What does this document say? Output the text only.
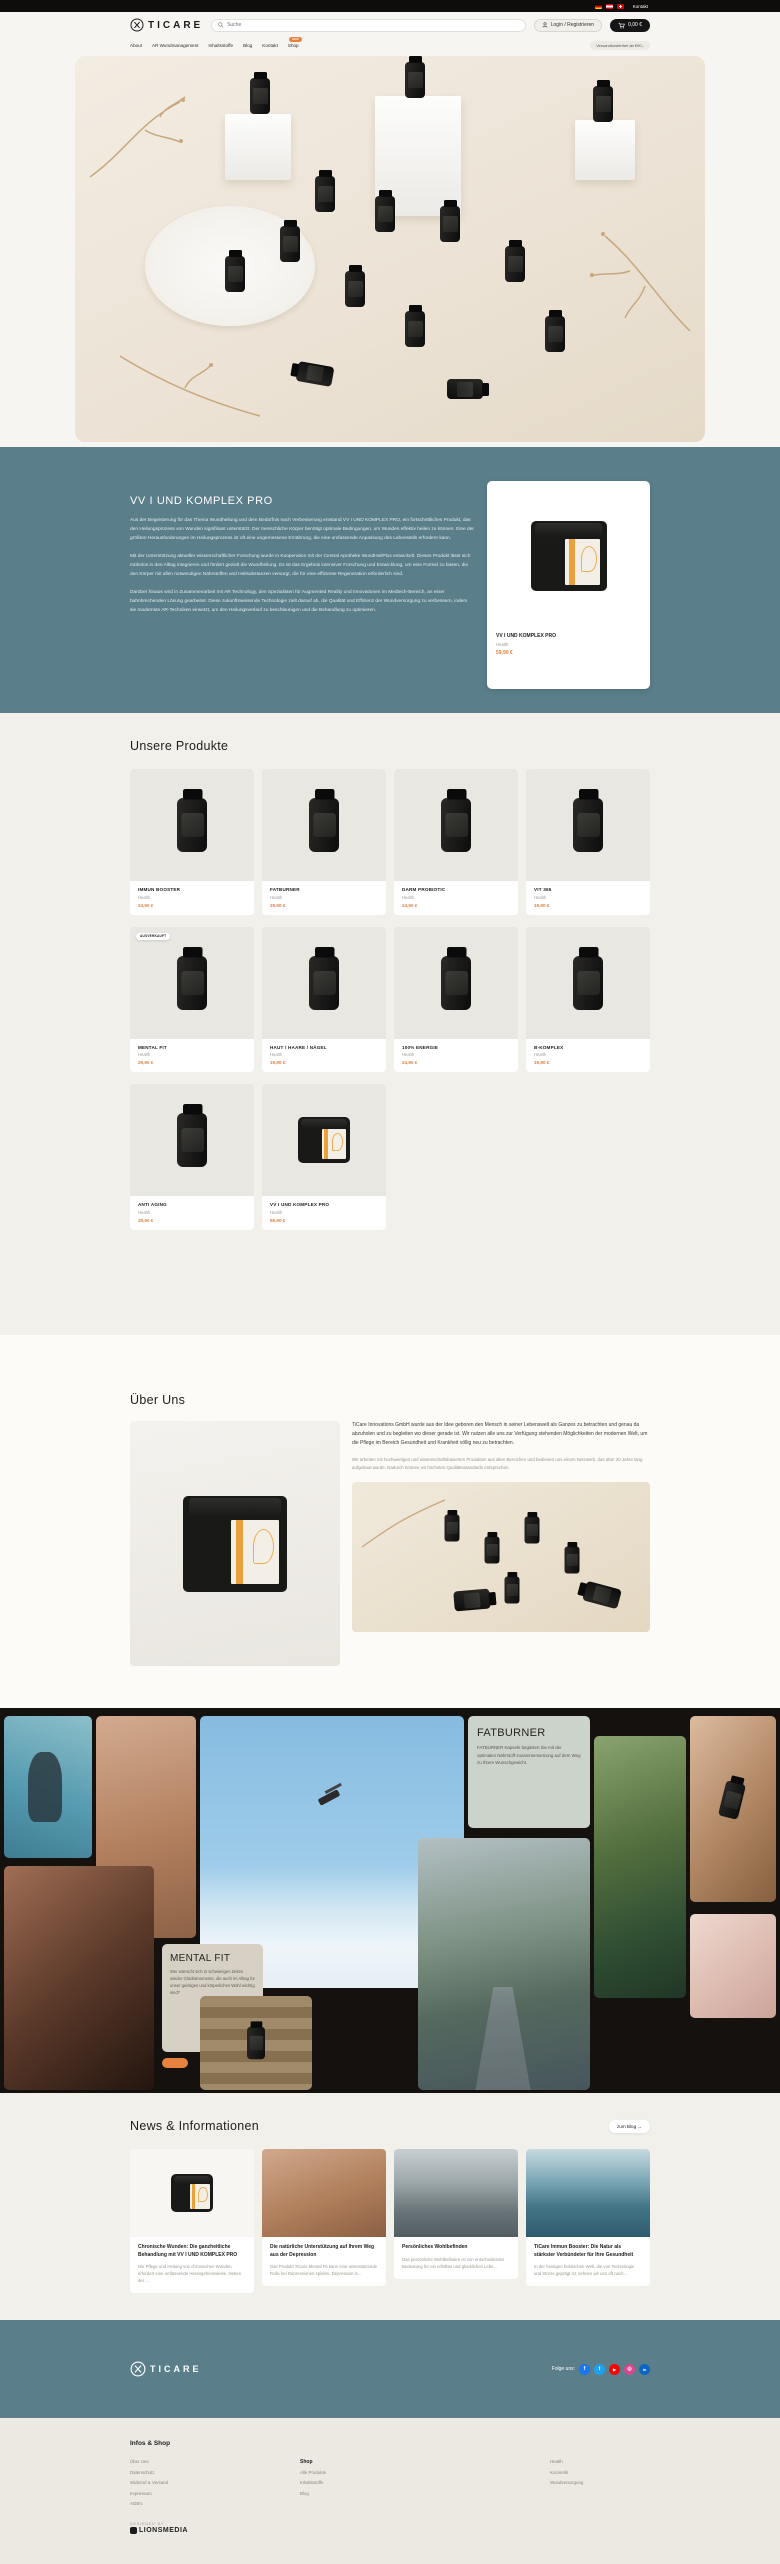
Kontakt
TICARE
Suche	Login / Registrieren	0,00 €
About AR Wundmanagement Inhaltsstoffe Blog Kontakt
NEW
Shop	Versandkostenfrei ab €90,-
VV I UND KOMPLEX PRO

Aus der Begeisterung für das Thema Wundheilung und dem Bedürfnis nach Verbesserung entstand VV I UND KOMPLEX PRO, ein fortschrittliches Produkt, das den Heilungsprozess von Wunden signifikant unterstützt. Der menschliche Körper benötigt optimale Bedingungen, um Wunden effektiv heilen zu können. Eine der größten Herausforderungen im Heilungsprozess ist oft eine angemessene Ernährung, die eine umfassende Anpassung des Lebensstils erfordern kann.

Mit der Unterstützung aktueller wissenschaftlicher Forschung wurde in Kooperation mit der Central Apotheke WundHeilPlus entwickelt. Dieses Produkt lässt sich mühelos in den Alltag integrieren und fördert gezielt die Wundheilung. Es ist das Ergebnis intensiver Forschung und Entwicklung, um eine Formel zu bieten, die den Körper mit allen notwendigen Nährstoffen und Heilsubstanzen versorgt, die für eine effiziente Regeneration erforderlich sind.

Darüber hinaus wird in Zusammenarbeit mit AR Technology, den Spezialisten für Augmented Reality und Innovationen im Medtech-Bereich, an einer bahnbrechenden Lösung gearbeitet. Diese zukunftsweisende Technologie zielt darauf ab, die Qualität und Effizienz der Wundversorgung zu verbessern, indem sie modernste AR-Techniken einsetzt, um den Heilungsverlauf zu beschleunigen und die Behandlung zu optimieren.

VV I UND KOMPLEX PRO
Health
59,90 €
Unsere Produkte
IMMUN BOOSTER
Health
24,90 €
FATBURNER
Health
29,90 €
DARM PROBIOTIC
Health
24,90 €
VIT 365
Health
19,90 €
AUSVERKAUFT
MENTAL FIT
Health
29,90 €
HAUT / HAARE / NÄGEL
Health
19,90 €
100% ENERGIE
Health
24,90 €
B-KOMPLEX
Health
19,90 €
ANTI AGING
Health
29,90 €
VV I UND KOMPLEX PRO
Health
59,90 €
Über Uns

TiCare Innovations GmbH wurde aus der Idee geboren den Mensch in seiner Lebenswelt als Ganzes zu betrachten und genau da abzuholen und zu begleiten wo dieser gerade ist. Wir nutzen alle uns zur Verfügung stehenden Möglichkeiten der modernen Welt, um die Pflege im Bereich Gesundheit und Krankheit völlig neu zu betrachten.

Wir arbeiten mit hochwertigen und wissenschaftsbasierten Produkten aus allen Bereichen und bedienen uns einem Netzwerk, das über 20 Jahre lang aufgebaut wurde. Dadurch können wir höchsten Qualitätsstandards entsprechen.

FATBURNER
FATBURNER Kapseln begleiten Sie mit der optimalen Nährstoff-zusammensetzung auf dem Weg zu Ihrem Wunschgewicht.
MENTAL FIT
Wer wünscht sich in schwierigen Zeiten wieder Glücksmomente, die auch im Alltag für unser geistiges und körperliches Wohl wichtig sind?
News & Informationen	zum Blog →
Chronische Wunden: Die ganzheitliche Behandlung mit VV I UND KOMPLEX PRO
Die Pflege und Heilung von chronischen Wunden erfordert eine umfassende Herangehensweise. Neben der ...
Die natürliche Unterstützung auf Ihrem Weg aus der Depression
Das Produkt TiCare Mental Fit kann eine unterstützende Rolle bei Depressionen spielen. Depression is...
Persönliches Wohlbefinden
Das persönliche Wohlbefinden ist von entscheidender Bedeutung für ein erfülltes und glückliches Lebe...
TiCare Immun Booster: Die Natur als stärkster Verbündeter für Ihre Gesundheit
In der heutigen hektischen Welt, die von Technologie und Stress geprägt ist, sehnen wir uns oft nach...
TICARE	Folge uns:	f	t	▶	◎	in
Infos & Shop
Über Uns
Datenschutz
Widerruf & Versand
Impressum
AGB's
Shop
Alle Produkte
Inhaltsstoffe
Blog
Health
Kosmetik
Wundversorgung
DESIGNED BY
LIONSMEDIA
